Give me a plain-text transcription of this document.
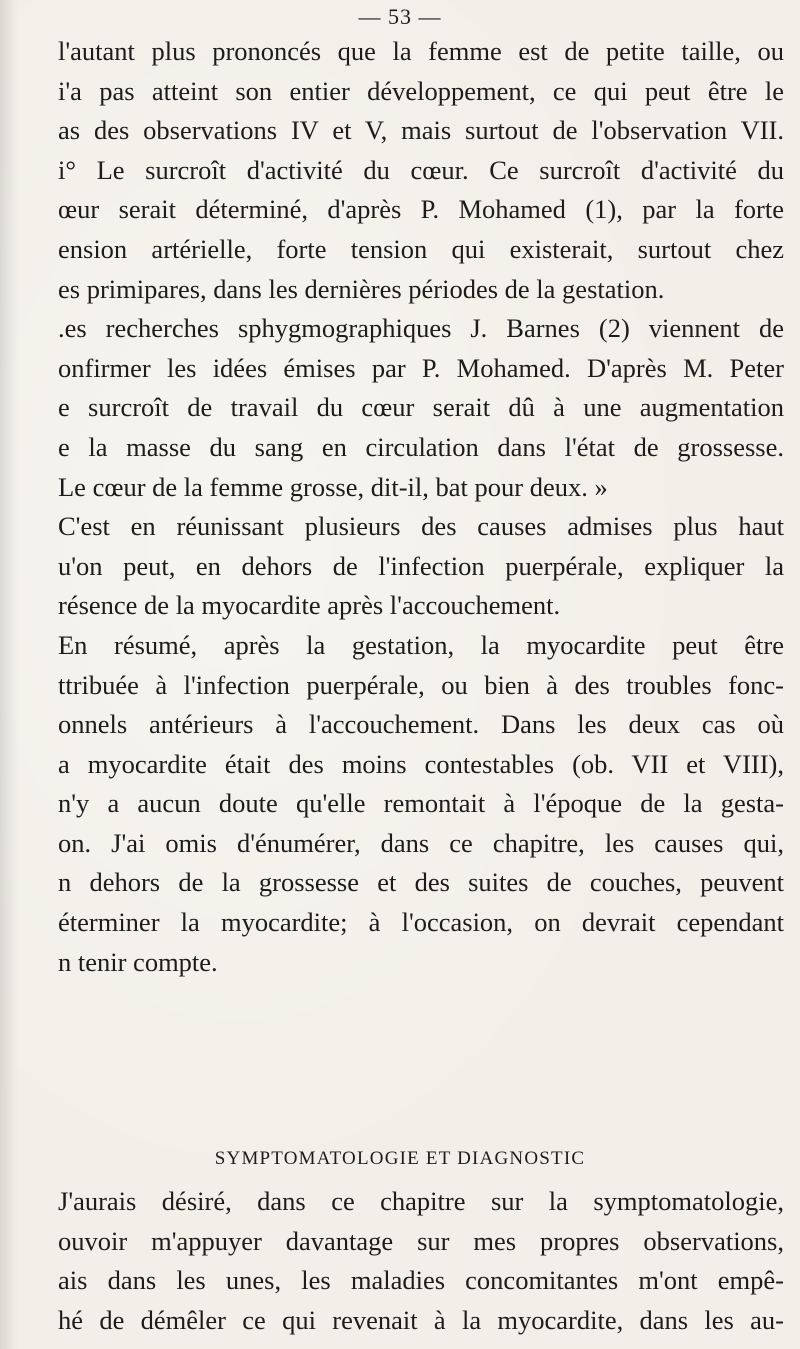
— 53 —
l'autant plus prononcés que la femme est de petite taille, ou
i'a pas atteint son entier développement, ce qui peut être le
as des observations IV et V, mais surtout de l'observation VII.
i° Le surcroît d'activité du cœur. Ce surcroît d'activité du
œur serait déterminé, d'après P. Mohamed (1), par la forte
ension artérielle, forte tension qui existerait, surtout chez
es primipares, dans les dernières périodes de la gestation.
.es recherches sphygmographiques J. Barnes (2) viennent de
onfirmer les idées émises par P. Mohamed. D'après M. Peter
e surcroît de travail du cœur serait dû à une augmentation
e la masse du sang en circulation dans l'état de grossesse.
Le cœur de la femme grosse, dit-il, bat pour deux. »
C'est en réunissant plusieurs des causes admises plus haut
u'on peut, en dehors de l'infection puerpérale, expliquer la
résence de la myocardite après l'accouchement.
En résumé, après la gestation, la myocardite peut être
ttribuée à l'infection puerpérale, ou bien à des troubles fonc-
onnels antérieurs à l'accouchement. Dans les deux cas où
a myocardite était des moins contestables (ob. VII et VIII),
n'y a aucun doute qu'elle remontait à l'époque de la gesta-
on. J'ai omis d'énumérer, dans ce chapitre, les causes qui,
n dehors de la grossesse et des suites de couches, peuvent
éterminer la myocardite; à l'occasion, on devrait cependant
n tenir compte.
SYMPTOMATOLOGIE ET DIAGNOSTIC
J'aurais désiré, dans ce chapitre sur la symptomatologie,
ouvoir m'appuyer davantage sur mes propres observations,
ais dans les unes, les maladies concomitantes m'ont empê-
hé de démêler ce qui revenait à la myocardite, dans les au-
